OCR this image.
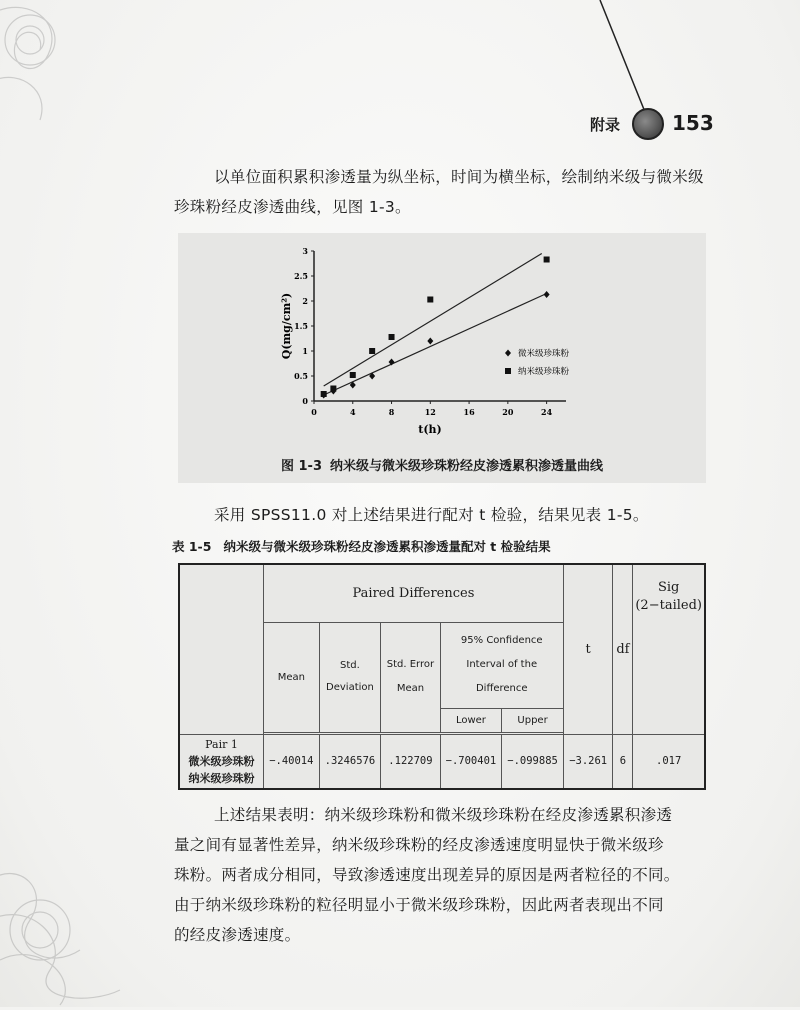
附录	153

以单位面积累积渗透量为纵坐标，时间为横坐标，绘制纳米级与微米级珍珠粉经皮渗透曲线，见图 1-3。

0	4	8	12	16	20	24
0
0.5
1
1.5
2
2.5
3
t(h)
Q(mg/cm²)	微米级珍珠粉
纳米级珍珠粉
图 1-3 纳米级与微米级珍珠粉经皮渗透累积渗透量曲线

采用 SPSS11.0 对上述结果进行配对 t 检验，结果见表 1-5。

表 1-5 纳米级与微米级珍珠粉经皮渗透累积渗透量配对 t 检验结果
	Paired Differences					t	df	Sig (2−tailed)
	Mean	Std. Deviation	Std. Error Mean	95% Confidence Interval of the Difference				
				Lower	Upper			

Pair 1
微米级珍珠粉
纳米级珍珠粉	−.40014	.3246576	.122709	−.700401	−.099885	−3.261	6	.017

上述结果表明：纳米级珍珠粉和微米级珍珠粉在经皮渗透累积渗透

量之间有显著性差异，纳米级珍珠粉的经皮渗透速度明显快于微米级珍

珠粉。两者成分相同，导致渗透速度出现差异的原因是两者粒径的不同。

由于纳米级珍珠粉的粒径明显小于微米级珍珠粉，因此两者表现出不同

的经皮渗透速度。
